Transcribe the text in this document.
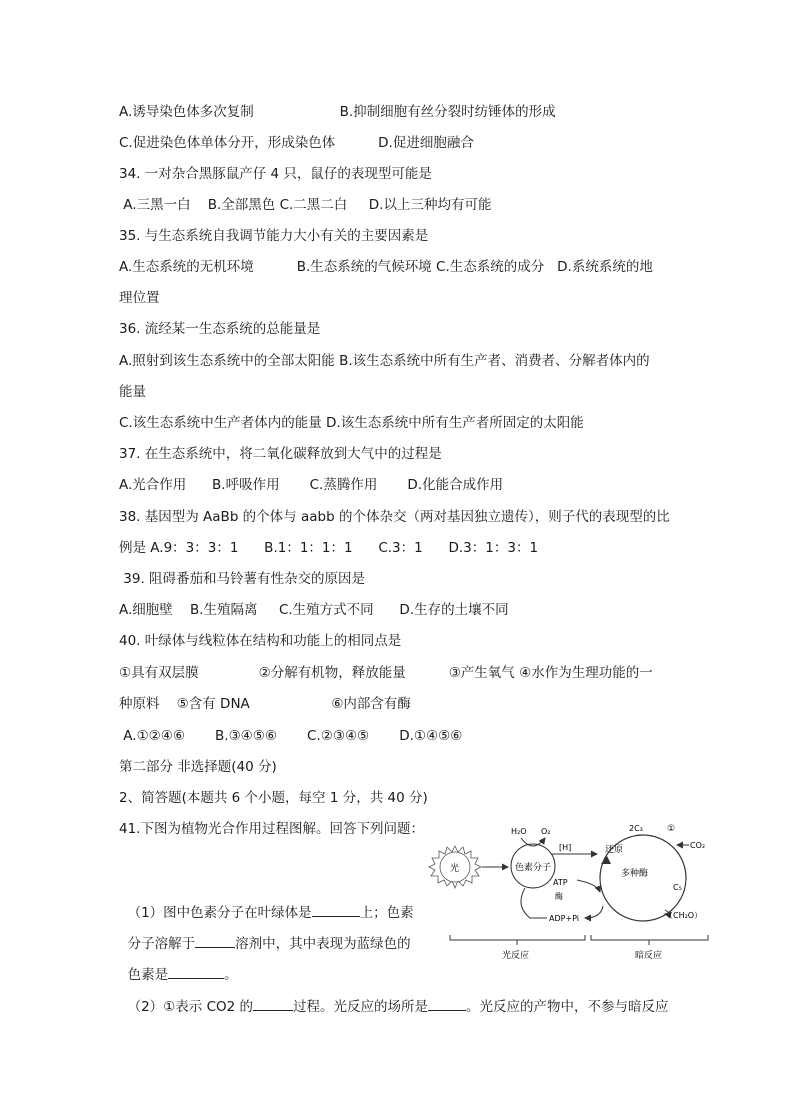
A.诱导染色体多次复制                    B.抑制细胞有丝分裂时纺锤体的形成
C.促进染色体单体分开，形成染色体          D.促进细胞融合
34. 一对杂合黑豚鼠产仔 4 只，鼠仔的表现型可能是
A.三黑一白    B.全部黑色 C.二黑二白     D.以上三种均有可能
35. 与生态系统自我调节能力大小有关的主要因素是
A.生态系统的无机环境          B.生态系统的气候环境 C.生态系统的成分   D.系统系统的地
理位置
36. 流经某一生态系统的总能量是
A.照射到该生态系统中的全部太阳能 B.该生态系统中所有生产者、消费者、分解者体内的
能量
C.该生态系统中生产者体内的能量 D.该生态系统中所有生产者所固定的太阳能
37. 在生态系统中，将二氧化碳释放到大气中的过程是
A.光合作用      B.呼吸作用       C.蒸腾作用       D.化能合成作用
38. 基因型为 AaBb 的个体与 aabb 的个体杂交（两对基因独立遗传），则子代的表现型的比
例是 A.9：3：3：1      B.1：1：1：1      C.3：1      D.3：1：3：1
39. 阻碍番茄和马铃薯有性杂交的原因是
A.细胞壁    B.生殖隔离     C.生殖方式不同      D.生存的土壤不同
40. 叶绿体与线粒体在结构和功能上的相同点是
①具有双层膜              ②分解有机物，释放能量          ③产生氧气 ④水作为生理功能的一
种原料    ⑤含有 DNA                   ⑥内部含有酶
A.①②④⑥       B.③④⑤⑥       C.②③④⑤       D.①④⑤⑥
第二部分 非选择题(40 分)
2、简答题(本题共 6 个小题，每空 1 分，共 40 分)
41.下图为植物光合作用过程图解。回答下列问题：

（1）图中色素分子在叶绿体是	上；色素

分子溶解于	溶剂中，其中表现为蓝绿色的

色素是	。

（2）①表示 CO2 的	过程。光反应的场所是	。光反应的产物中，不参与暗反应

光	色素分子
H₂O O₂
[H]
ATP
酶
ADP+Pi
还原
2C₃	①
CO₂
多种酶
C₅
（CH₂O）
光反应	暗反应
